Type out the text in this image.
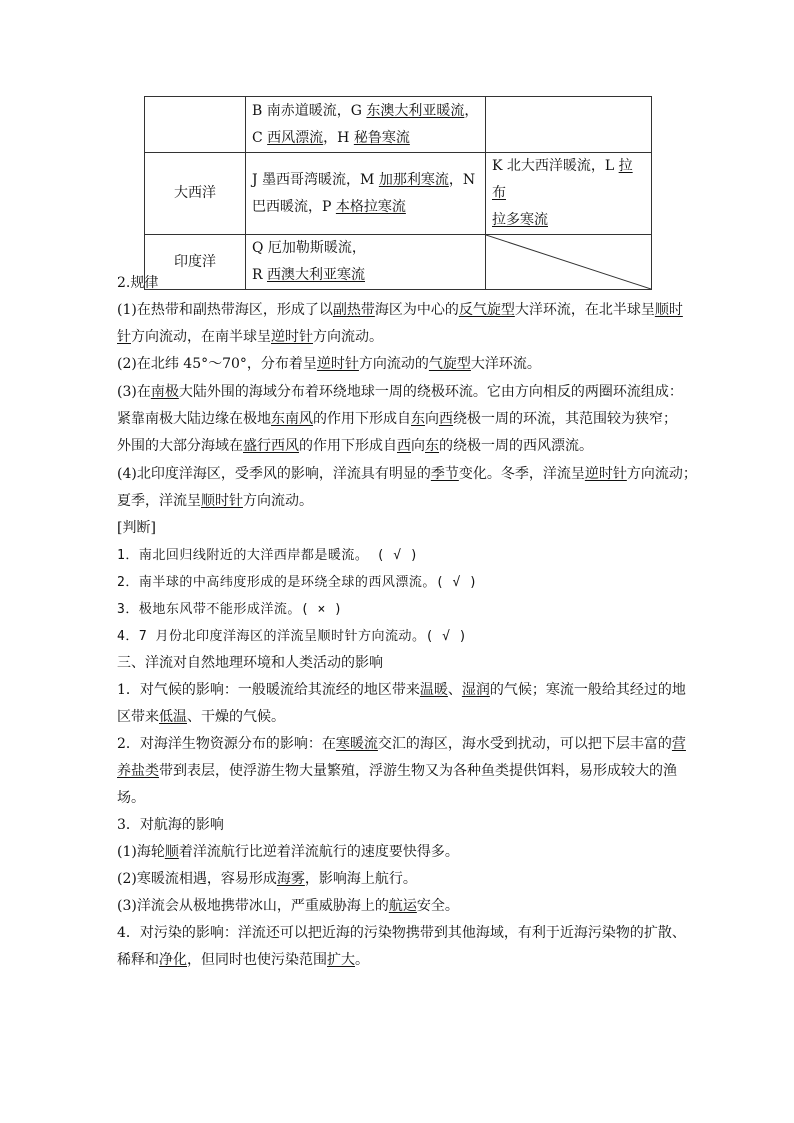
	B 南赤道暖流，G 东澳大利亚暖流，
C 西风漂流，H 秘鲁寒流	

大西洋	J 墨西哥湾暖流，M 加那利寒流，N
巴西暖流，P 本格拉寒流	K 北大西洋暖流，L 拉布
拉多寒流

印度洋	Q 厄加勒斯暖流，
R 西澳大利亚寒流

2.规律
(1)在热带和副热带海区，形成了以副热带海区为中心的反气旋型大洋环流，在北半球呈顺时
针方向流动，在南半球呈逆时针方向流动。
(2)在北纬 45°～70°，分布着呈逆时针方向流动的气旋型大洋环流。
(3)在南极大陆外围的海域分布着环绕地球一周的绕极环流。它由方向相反的两圈环流组成：
紧靠南极大陆边缘在极地东南风的作用下形成自东向西绕极一周的环流，其范围较为狭窄；
外围的大部分海域在盛行西风的作用下形成自西向东的绕极一周的西风漂流。
(4)北印度洋海区，受季风的影响，洋流具有明显的季节变化。冬季，洋流呈逆时针方向流动；
夏季，洋流呈顺时针方向流动。
[判断]
1．南北回归线附近的大洋西岸都是暖流。 ( √ )
2．南半球的中高纬度形成的是环绕全球的西风漂流。( √ )
3．极地东风带不能形成洋流。( × )
4．7 月份北印度洋海区的洋流呈顺时针方向流动。( √ )
三、洋流对自然地理环境和人类活动的影响
1．对气候的影响：一般暖流给其流经的地区带来温暖、湿润的气候；寒流一般给其经过的地
区带来低温、干燥的气候。
2．对海洋生物资源分布的影响：在寒暖流交汇的海区，海水受到扰动，可以把下层丰富的营
养盐类带到表层，使浮游生物大量繁殖，浮游生物又为各种鱼类提供饵料，易形成较大的渔
场。
3．对航海的影响
(1)海轮顺着洋流航行比逆着洋流航行的速度要快得多。
(2)寒暖流相遇，容易形成海雾，影响海上航行。
(3)洋流会从极地携带冰山，严重威胁海上的航运安全。
4．对污染的影响：洋流还可以把近海的污染物携带到其他海域，有利于近海污染物的扩散、
稀释和净化，但同时也使污染范围扩大。
